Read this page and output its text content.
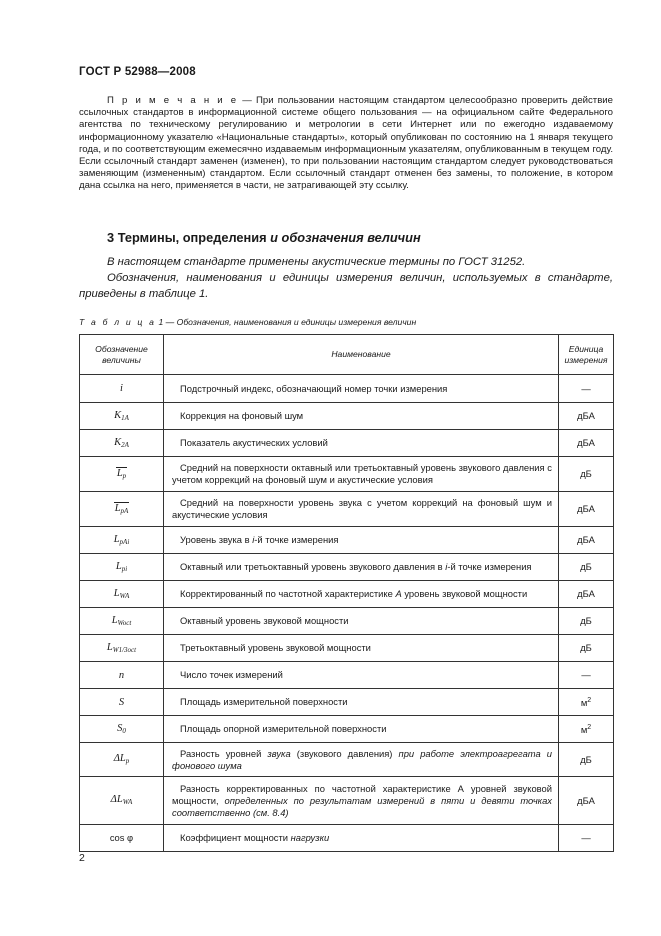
ГОСТ Р 52988—2008
П р и м е ч а н и е — При пользовании настоящим стандартом целесообразно проверить действие ссылочных стандартов в информационной системе общего пользования — на официальном сайте Федерального агентства по техническому регулированию и метрологии в сети Интернет или по ежегодно издаваемому информационному указателю «Национальные стандарты», который опубликован по состоянию на 1 января текущего года, и по соответствующим ежемесячно издаваемым информационным указателям, опубликованным в текущем году. Если ссылочный стандарт заменен (изменен), то при пользовании настоящим стандартом следует руководствоваться заменяющим (измененным) стандартом. Если ссылочный стандарт отменен без замены, то положение, в котором дана ссылка на него, применяется в части, не затрагивающей эту ссылку.
3 Термины, определения и обозначения величин
В настоящем стандарте применены акустические термины по ГОСТ 31252.
Обозначения, наименования и единицы измерения величин, используемых в стандарте, приведены в таблице 1.
Т а б л и ц а 1 — Обозначения, наименования и единицы измерения величин
Обозначение величины	Наименование	Единица измерения
i	Подстрочный индекс, обозначающий номер точки измерения	—
$K_{1A}$	Коррекция на фоновый шум	дБА
$K_{2A}$	Показатель акустических условий	дБА
$L_p$	Средний на поверхности октавный или третьоктавный уровень звукового давления с учетом коррекций на фоновый шум и акустические условия	дБ
$L_{pA}$	Средний на поверхности уровень звука с учетом коррекций на фоновый шум и акустические условия	дБА
$L_{pAi}$	Уровень звука в i-й точке измерения	дБА
$L_{pi}$	Октавный или третьоктавный уровень звукового давления в i-й точке измерения	дБ
$L_{WA}$	Корректированный по частотной характеристике A уровень звуковой мощности	дБА
$L_{Woct}$	Октавный уровень звуковой мощности	дБ
$L_{W1/3oct}$	Третьоктавный уровень звуковой мощности	дБ
n	Число точек измерений	—
S	Площадь измерительной поверхности	$м^2$
$S_0$	Площадь опорной измерительной поверхности	$м^2$
$\Delta L_p$	Разность уровней звука (звукового давления) при работе электроагрегата и фонового шума	дБ
$\Delta L_{WA}$	Разность корректированных по частотной характеристике А уровней звуковой мощности, определенных по результатам измерений в пяти и девяти точках соответственно (см. 8.4)	дБА
cos φ	Коэффициент мощности нагрузки	—
2
